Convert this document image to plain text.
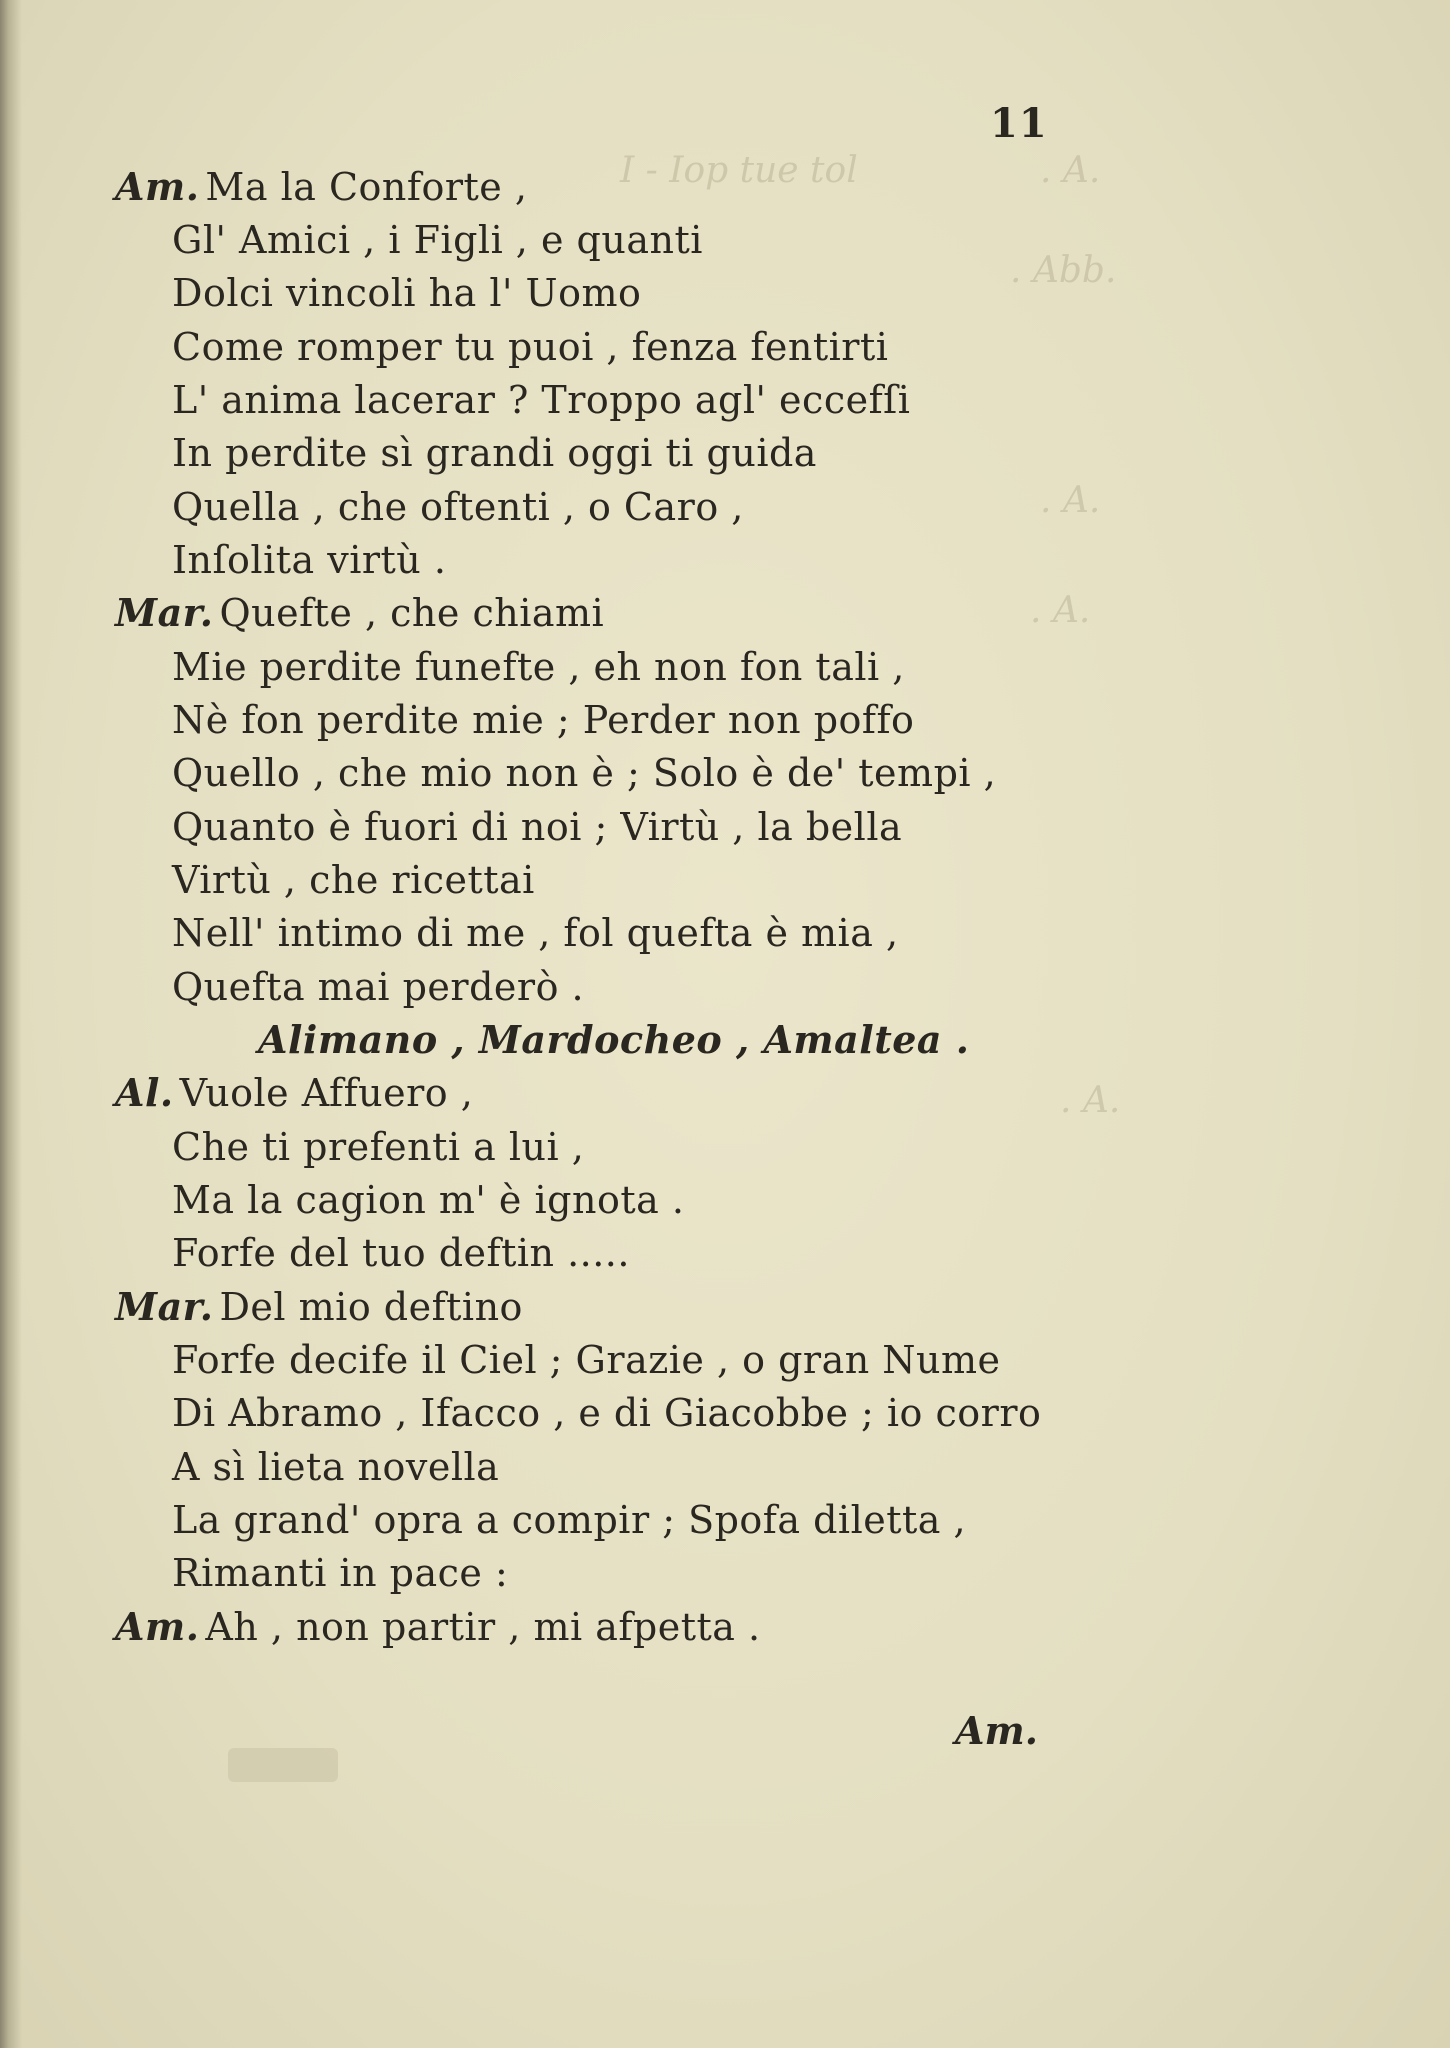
I - Iop tue tol	. A.
. Abb.
. A.
. A.
. A.
11
Am. Ma la Conforte ,
Gl' Amici , i Figli , e quanti
Dolci vincoli ha l' Uomo
Come romper tu puoi , fenza fentirti
L' anima lacerar ? Troppo agl' eccefſi
In perdite sì grandi oggi ti guida
Quella , che oftenti , o Caro ,
Inſolita virtù .
Mar. Quefte , che chiami
Mie perdite funefte , eh non fon tali ,
Nè fon perdite mie ; Perder non poffo
Quello , che mio non è ; Solo è de' tempi ,
Quanto è fuori di noi ; Virtù , la bella
Virtù , che ricettai
Nell' intimo di me , fol quefta è mia ,
Quefta mai perderò .
Alimano , Mardocheo , Amaltea .
Al. Vuole Affuero ,
Che ti prefenti a lui ,
Ma la cagion m' è ignota .
Forfe del tuo deftin .....
Mar. Del mio deftino
Forfe decife il Ciel ; Grazie , o gran Nume
Di Abramo , Ifacco , e di Giacobbe ; io corro
A sì lieta novella
La grand' opra a compir ; Spofa diletta ,
Rimanti in pace :
Am. Ah , non partir , mi afpetta .
Am.
